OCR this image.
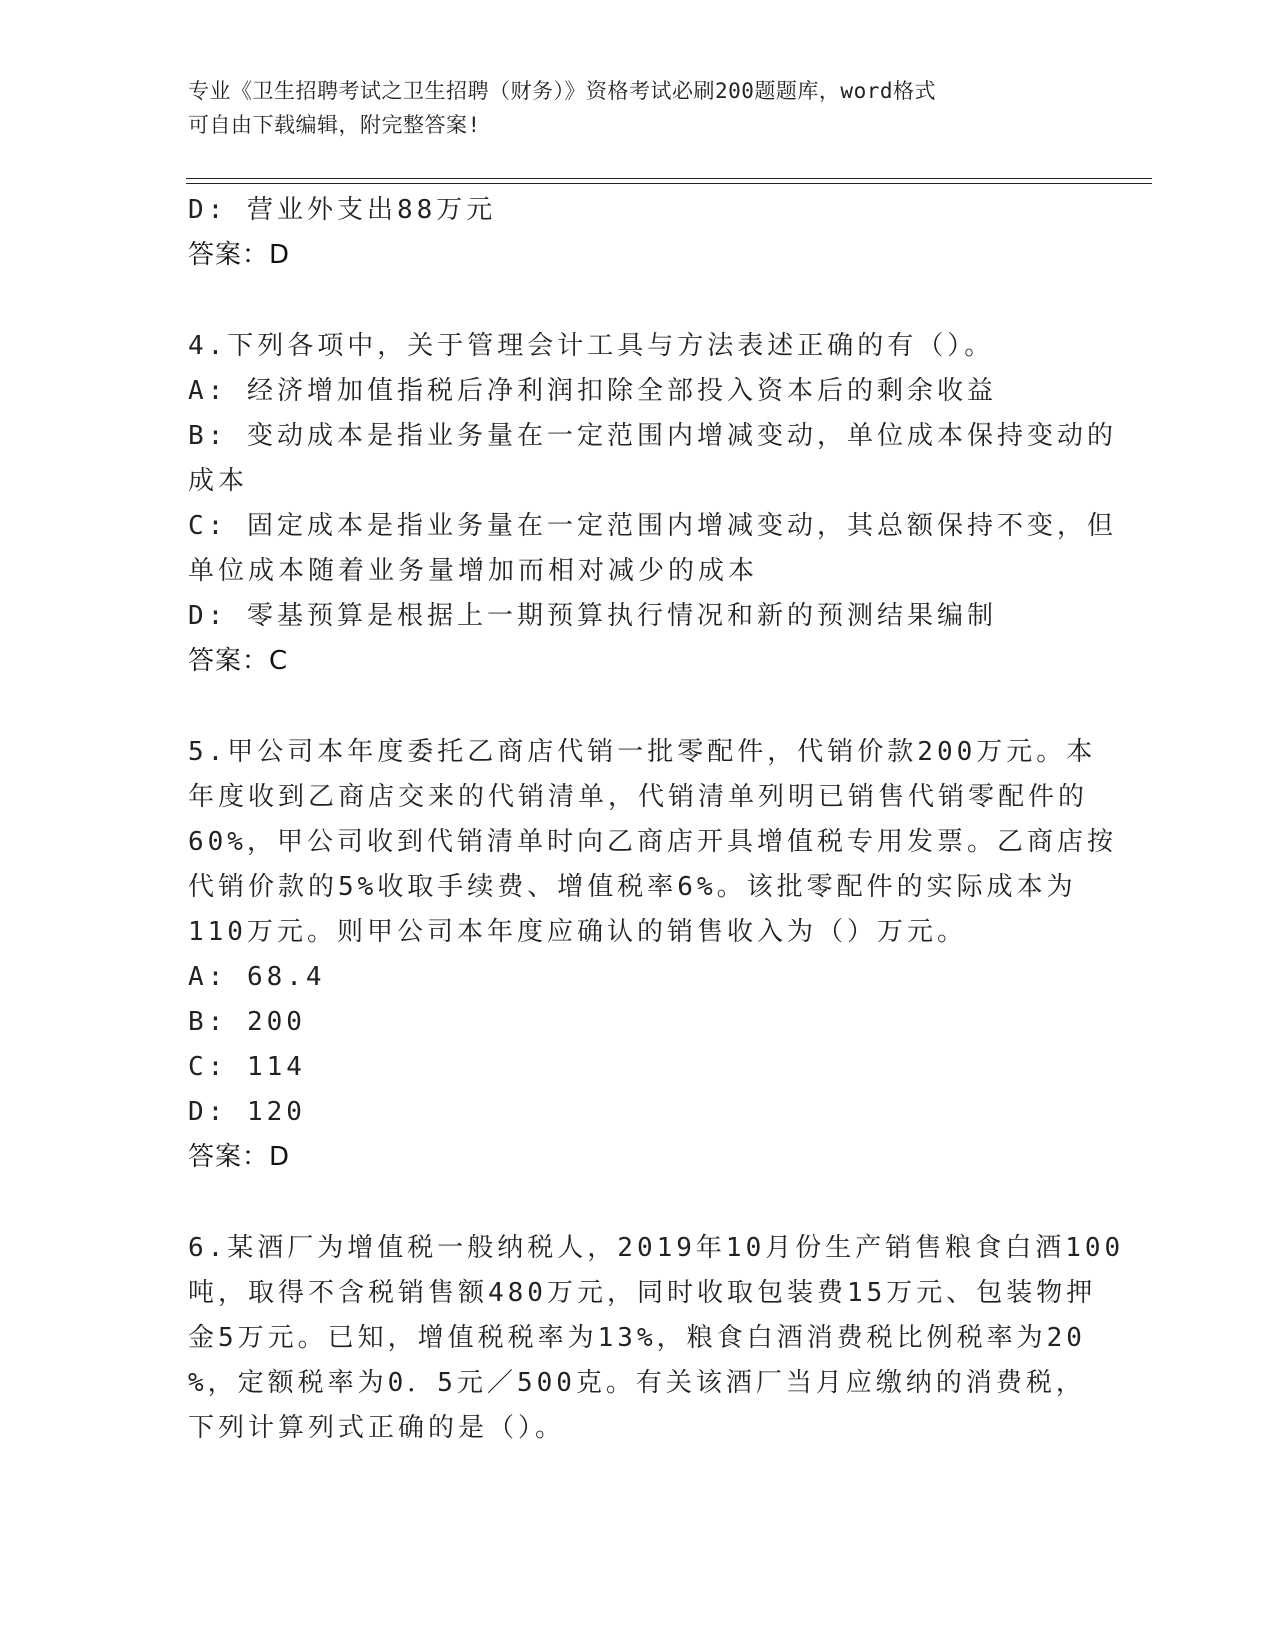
专业《卫生招聘考试之卫生招聘（财务）》资格考试必刷200题题库，word格式
可自由下载编辑，附完整答案!
D: 营业外支出88万元
答案：D
4.下列各项中，关于管理会计工具与方法表述正确的有（）。
A: 经济增加值指税后净利润扣除全部投入资本后的剩余收益
B: 变动成本是指业务量在一定范围内增减变动，单位成本保持变动的
成本
C: 固定成本是指业务量在一定范围内增减变动，其总额保持不变，但
单位成本随着业务量增加而相对减少的成本
D: 零基预算是根据上一期预算执行情况和新的预测结果编制
答案：C
5.甲公司本年度委托乙商店代销一批零配件，代销价款200万元。本
年度收到乙商店交来的代销清单，代销清单列明已销售代销零配件的
60%，甲公司收到代销清单时向乙商店开具增值税专用发票。乙商店按
代销价款的5%收取手续费、增值税率6%。该批零配件的实际成本为
110万元。则甲公司本年度应确认的销售收入为（）万元。
A: 68.4
B: 200
C: 114
D: 120
答案：D
6.某酒厂为增值税一般纳税人，2019年10月份生产销售粮食白酒100
吨，取得不含税销售额480万元，同时收取包装费15万元、包装物押
金5万元。已知，增值税税率为13%，粮食白酒消费税比例税率为20
%，定额税率为0．5元／500克。有关该酒厂当月应缴纳的消费税，
下列计算列式正确的是（）。
